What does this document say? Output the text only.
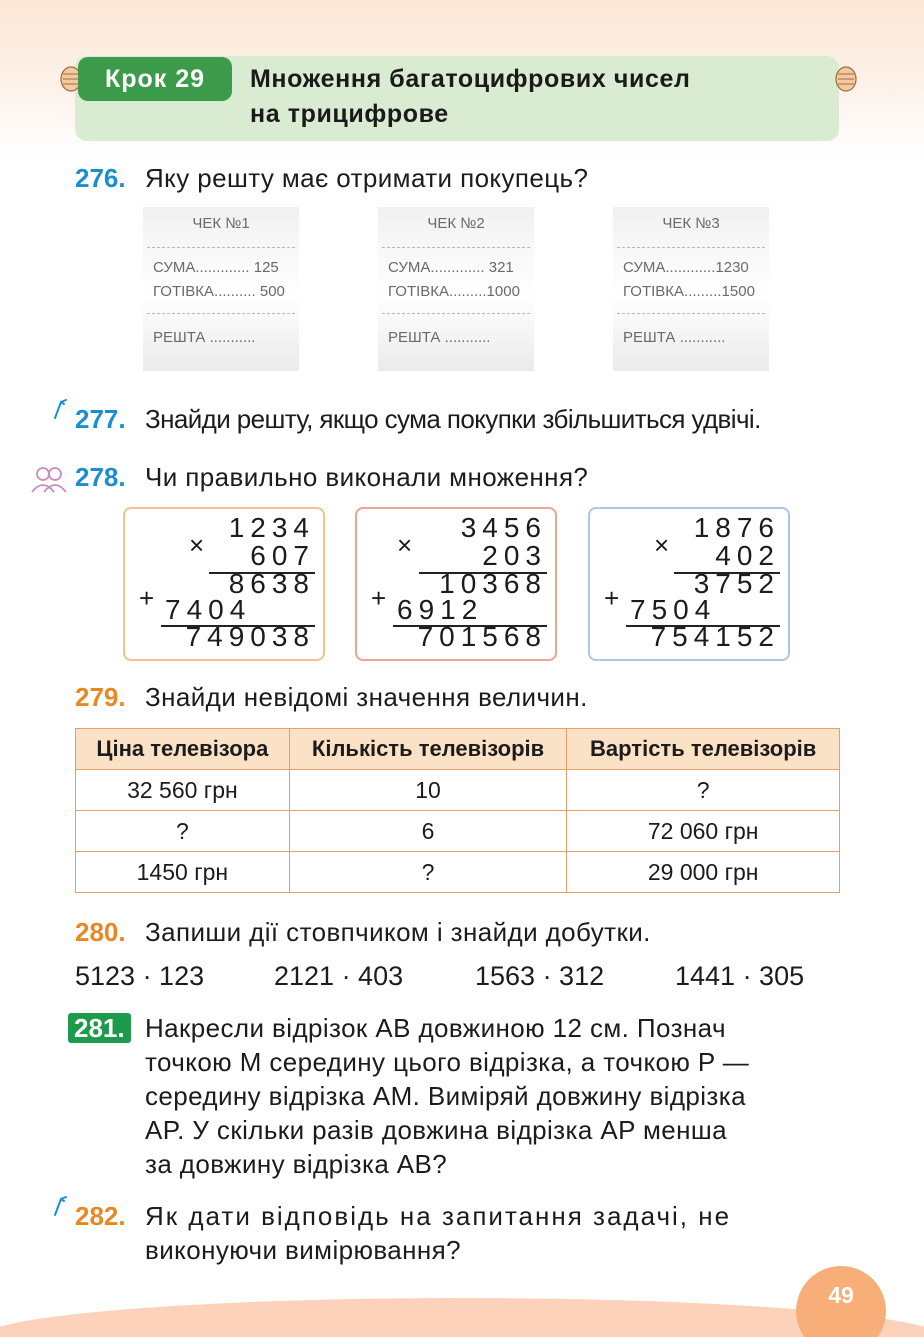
Крок 29	Множення багатоцифрових чисел
на трицифрове
276. Яку решту має отримати покупець?
ЧЕК №1
СУМА............. 125
ГОТІВКА.......... 500
РЕШТА ...........
ЧЕК №2
СУМА............. 321
ГОТІВКА.........1000
РЕШТА ...........
ЧЕК №3
СУМА............1230
ГОТІВКА.........1500
РЕШТА ...........
277. Знайди решту, якщо сума покупки збільшиться удвічі.
278. Чи правильно виконали множення?
×
1234
607
8638
+ 7404
749038
×
3456
203
10368
+ 6912
701568
×
1876
402
3752
+ 7504
754152
279. Знайди невідомі значення величин.
Ціна телевізора	Кількість телевізорів	Вартість телевізорів
32 560 грн	10	?
?	6	72 060 грн
1450 грн	?	29 000 грн
280. Запиши дії стовпчиком і знайди добутки.
5123 · 123	2121 · 403	1563 · 312	1441 · 305
281. Накресли відрізок AB довжиною 12 см. Познач
точкою M середину цього відрізка, а точкою P —
середину відрізка AM. Виміряй довжину відрізка
AP. У скільки разів довжина відрізка AP менша
за довжину відрізка AB?
282. Як дати відповідь на запитання задачі, не
виконуючи вимірювання?
49
